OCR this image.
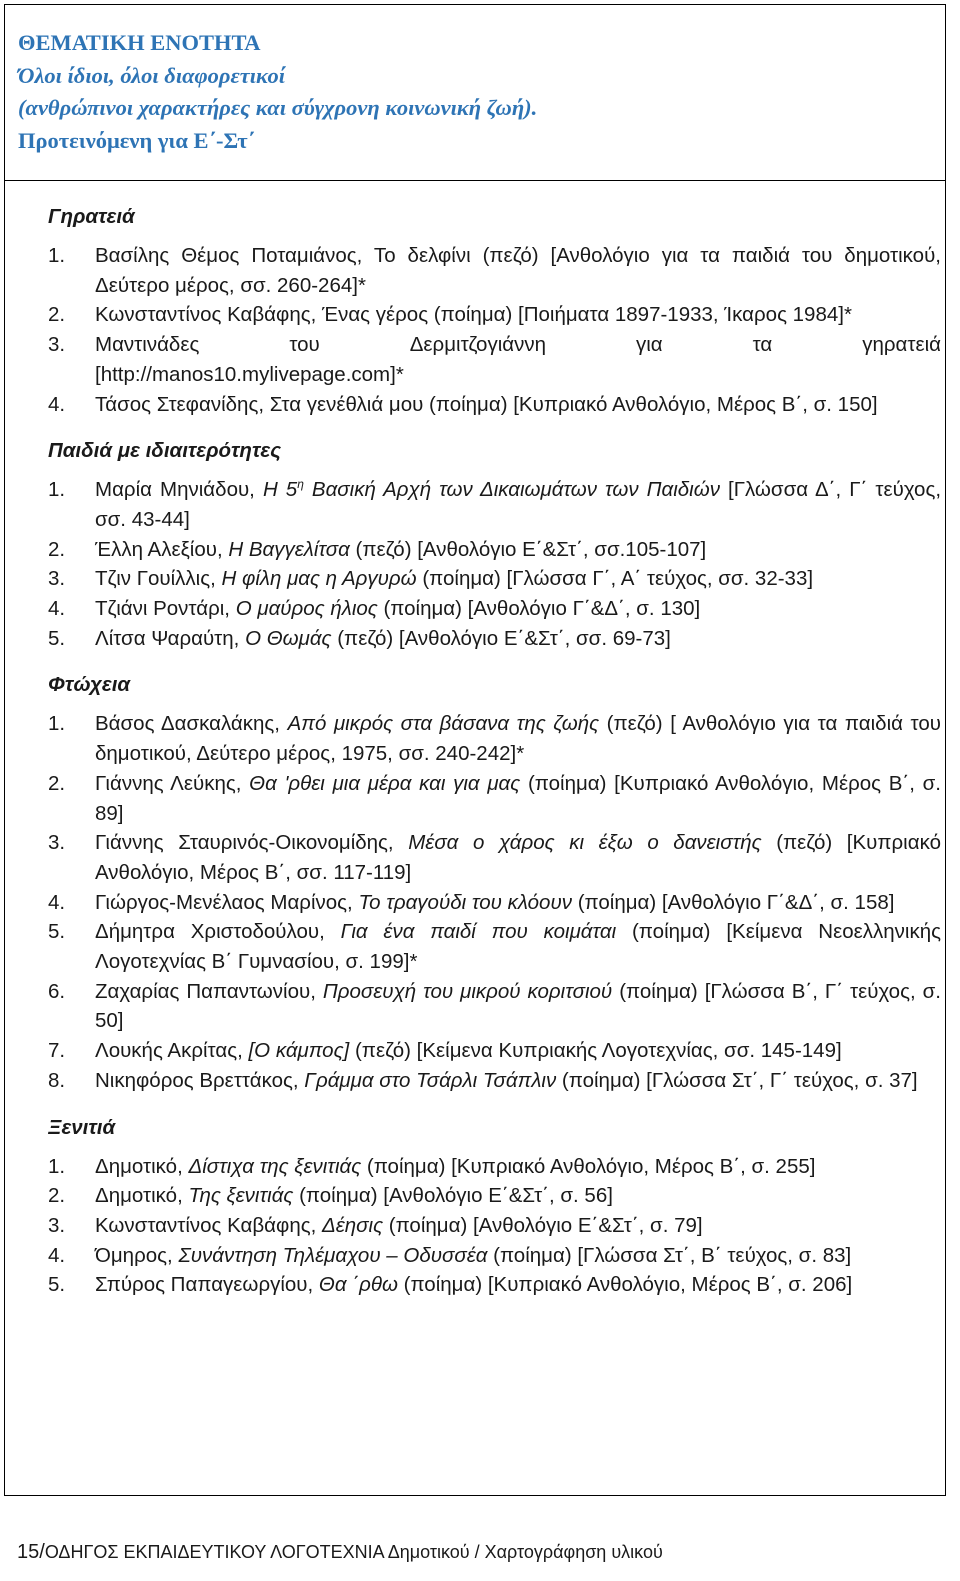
ΘΕΜΑΤΙΚΗ ΕΝΟΤΗΤΑ
Όλοι ίδιοι, όλοι διαφορετικοί
(ανθρώπινοι χαρακτήρες και σύγχρονη κοινωνική ζωή).
Προτεινόμενη για Ε΄-Στ΄
Γηρατειά
1. Βασίλης Θέμος Ποταμιάνος, Το δελφίνι (πεζό) [Ανθολόγιο για τα παιδιά του δημοτικού, Δεύτερο μέρος, σσ. 260-264]*
2. Κωνσταντίνος Καβάφης, Ένας γέρος (ποίημα) [Ποιήματα 1897-1933, Ίκαρος 1984]*
3. Μαντινάδες	του	Δερμιτζογιάννη	για	τα	γηρατειά
[http://manos10.mylivepage.com]*
4. Τάσος Στεφανίδης, Στα γενέθλιά μου (ποίημα) [Κυπριακό Ανθολόγιο, Μέρος Β΄, σ. 150]
Παιδιά με ιδιαιτερότητες
1. Μαρία Μηνιάδου, Η $5^\eta$ Βασική Αρχή των Δικαιωμάτων των Παιδιών [Γλώσσα Δ΄, Γ΄ τεύχος, σσ. 43-44]
2. Έλλη Αλεξίου, Η Βαγγελίτσα (πεζό) [Ανθολόγιο Ε΄&Στ΄, σσ.105-107]
3. Τζιν Γουίλλις, Η φίλη μας η Αργυρώ (ποίημα) [Γλώσσα Γ΄, Α΄ τεύχος, σσ. 32-33]
4. Τζιάνι Ροντάρι, Ο μαύρος ήλιος (ποίημα) [Ανθολόγιο Γ΄&Δ΄, σ. 130]
5. Λίτσα Ψαραύτη, Ο Θωμάς (πεζό) [Ανθολόγιο Ε΄&Στ΄, σσ. 69-73]
Φτώχεια
1. Βάσος Δασκαλάκης, Από μικρός στα βάσανα της ζωής (πεζό) [ Ανθολόγιο για τα παιδιά του δημοτικού, Δεύτερο μέρος, 1975, σσ. 240-242]*
2. Γιάννης Λεύκης, Θα 'ρθει μια μέρα και για μας (ποίημα) [Κυπριακό Ανθολόγιο, Μέρος Β΄, σ. 89]
3. Γιάννης Σταυρινός-Οικονομίδης, Μέσα ο χάρος κι έξω ο δανειστής (πεζό) [Κυπριακό Ανθολόγιο, Μέρος Β΄, σσ. 117-119]
4. Γιώργος-Μενέλαος Μαρίνος, Το τραγούδι του κλόουν (ποίημα) [Ανθολόγιο Γ΄&Δ΄, σ. 158]
5. Δήμητρα Χριστοδούλου, Για ένα παιδί που κοιμάται (ποίημα) [Κείμενα Νεοελληνικής Λογοτεχνίας Β΄ Γυμνασίου, σ. 199]*
6. Ζαχαρίας Παπαντωνίου, Προσευχή του μικρού κοριτσιού (ποίημα) [Γλώσσα Β΄, Γ΄ τεύχος, σ. 50]
7. Λουκής Ακρίτας, [Ο κάμπος] (πεζό) [Κείμενα Κυπριακής Λογοτεχνίας, σσ. 145-149]
8. Νικηφόρος Βρεττάκος, Γράμμα στο Τσάρλι Τσάπλιν (ποίημα) [Γλώσσα Στ΄, Γ΄ τεύχος, σ. 37]
Ξενιτιά
1. Δημοτικό, Δίστιχα της ξενιτιάς (ποίημα) [Κυπριακό Ανθολόγιο, Μέρος Β΄, σ. 255]
2. Δημοτικό, Της ξενιτιάς (ποίημα) [Ανθολόγιο Ε΄&Στ΄, σ. 56]
3. Κωνσταντίνος Καβάφης, Δέησις (ποίημα) [Ανθολόγιο Ε΄&Στ΄, σ. 79]
4. Όμηρος, Συνάντηση Τηλέμαχου – Οδυσσέα (ποίημα) [Γλώσσα Στ΄, Β΄ τεύχος, σ. 83]
5. Σπύρος Παπαγεωργίου, Θα ΄ρθω (ποίημα) [Κυπριακό Ανθολόγιο, Μέρος Β΄, σ. 206]
15/ΟΔΗΓΟΣ ΕΚΠΑΙΔΕΥΤΙΚΟΥ ΛΟΓΟΤΕΧΝΙΑ Δημοτικού / Χαρτογράφηση υλικού
